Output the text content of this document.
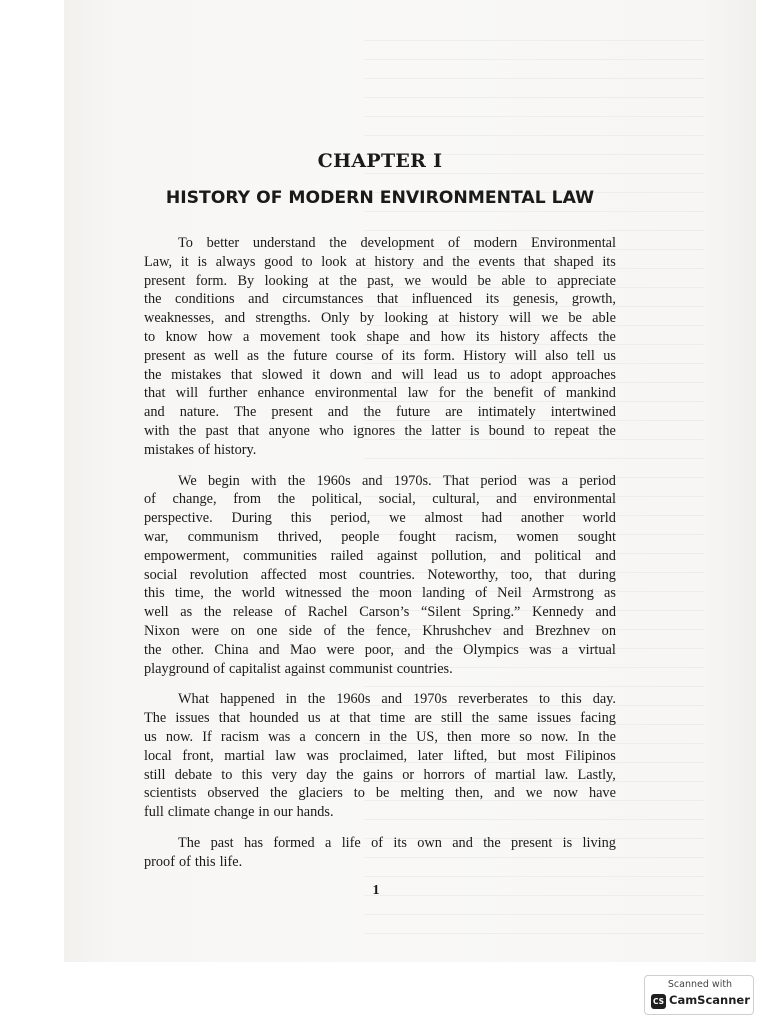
CHAPTER I
HISTORY OF MODERN ENVIRONMENTAL LAW
To better understand the development of modern Environmental
Law, it is always good to look at history and the events that shaped its
present form. By looking at the past, we would be able to appreciate
the conditions and circumstances that influenced its genesis, growth,
weaknesses, and strengths. Only by looking at history will we be able
to know how a movement took shape and how its history affects the
present as well as the future course of its form. History will also tell us
the mistakes that slowed it down and will lead us to adopt approaches
that will further enhance environmental law for the benefit of mankind
and nature. The present and the future are intimately intertwined
with the past that anyone who ignores the latter is bound to repeat the
mistakes of history.
We begin with the 1960s and 1970s. That period was a period
of change, from the political, social, cultural, and environmental
perspective. During this period, we almost had another world
war, communism thrived, people fought racism, women sought
empowerment, communities railed against pollution, and political and
social revolution affected most countries. Noteworthy, too, that during
this time, the world witnessed the moon landing of Neil Armstrong as
well as the release of Rachel Carson’s “Silent Spring.” Kennedy and
Nixon were on one side of the fence, Khrushchev and Brezhnev on
the other. China and Mao were poor, and the Olympics was a virtual
playground of capitalist against communist countries.
What happened in the 1960s and 1970s reverberates to this day.
The issues that hounded us at that time are still the same issues facing
us now. If racism was a concern in the US, then more so now. In the
local front, martial law was proclaimed, later lifted, but most Filipinos
still debate to this very day the gains or horrors of martial law. Lastly,
scientists observed the glaciers to be melting then, and we now have
full climate change in our hands.
The past has formed a life of its own and the present is living
proof of this life.
1
Scanned with
CS CamScanner
